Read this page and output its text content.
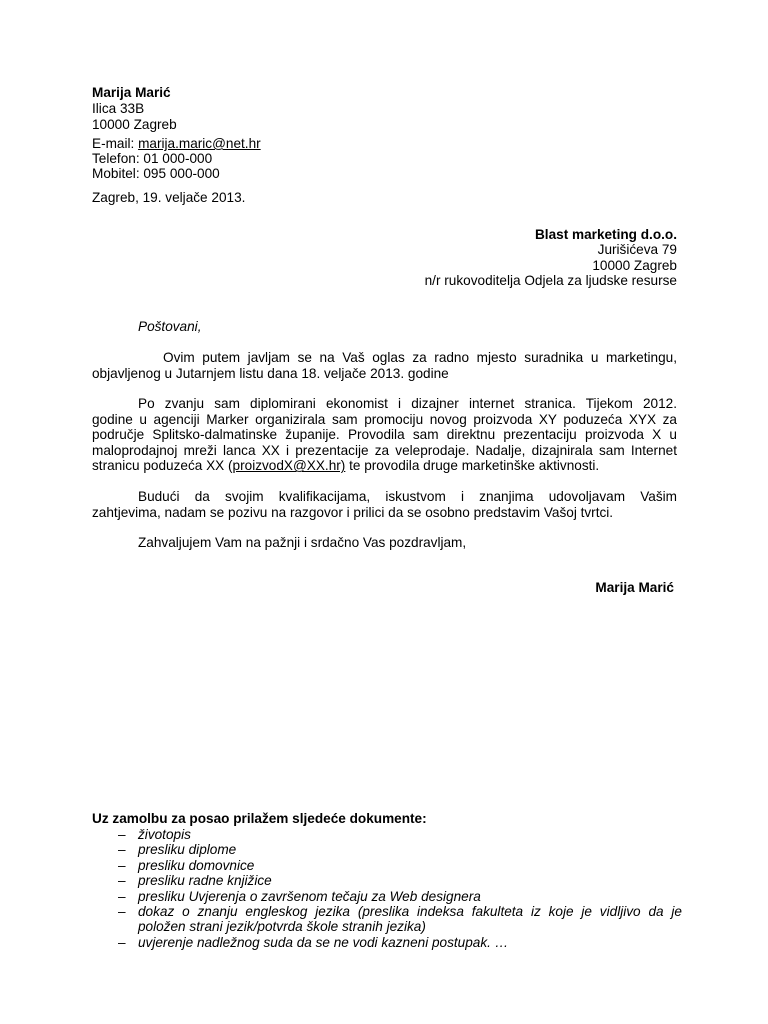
Marija Marić
Ilica 33B
10000 Zagreb
E-mail: marija.maric@net.hr
Telefon: 01 000-000
Mobitel: 095 000-000
Zagreb, 19. veljače 2013.
Blast marketing d.o.o.
Jurišićeva 79
10000 Zagreb
n/r rukovoditelja Odjela za ljudske resurse
Poštovani,
Ovim putem javljam se na Vaš oglas za radno mjesto suradnika u marketingu,
objavljenog u Jutarnjem listu dana 18. veljače 2013. godine
Po zvanju sam diplomirani ekonomist i dizajner internet stranica. Tijekom 2012.
godine u agenciji Marker organizirala sam promociju novog proizvoda XY poduzeća XYX za
područje Splitsko-dalmatinske županije. Provodila sam direktnu prezentaciju proizvoda X u
maloprodajnoj mreži lanca XX i prezentacije za veleprodaje. Nadalje, dizajnirala sam Internet
stranicu poduzeća XX (proizvodX@XX.hr) te provodila druge marketinške aktivnosti.
Budući da svojim kvalifikacijama, iskustvom i znanjima udovoljavam Vašim
zahtjevima, nadam se pozivu na razgovor i prilici da se osobno predstavim Vašoj tvrtci.
Zahvaljujem Vam na pažnji i srdačno Vas pozdravljam,
Marija Marić
Uz zamolbu za posao prilažem sljedeće dokumente:
– životopis
– presliku diplome
– presliku domovnice
– presliku radne knjižice
– presliku Uvjerenja o završenom tečaju za Web designera
– dokaz o znanju engleskog jezika (preslika indeksa fakulteta iz koje je vidljivo da je
položen strani jezik/potvrda škole stranih jezika)
– uvjerenje nadležnog suda da se ne vodi kazneni postupak. …
